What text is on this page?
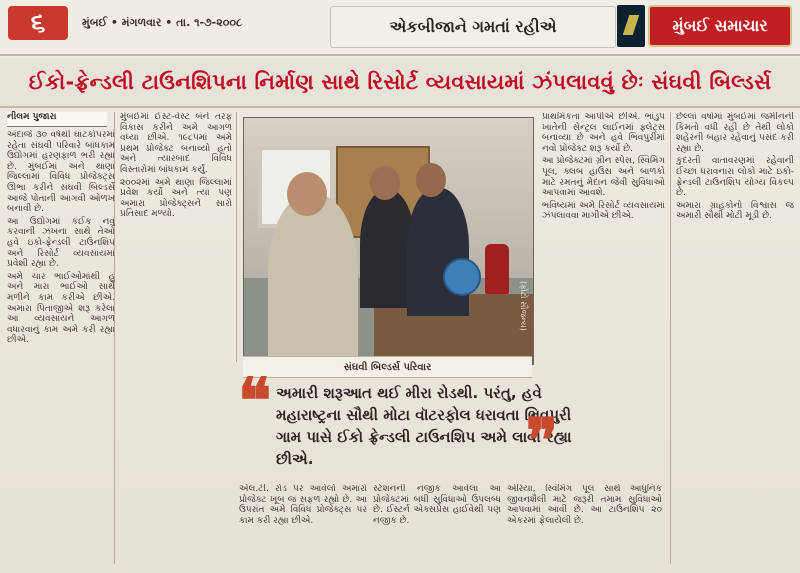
૬	મુંબઈ • મંગળવાર • તા. ૧-૭-૨૦૦૮	એકબીજાને ગમતાં રહીએ	મુંબઈ સમાચાર
ઈકો-ફ્રેન્ડલી ટાઉનશિપના નિર્માણ સાથે રિસોર્ટ વ્યવસાયમાં ઝંપલાવવું છેઃ સંઘવી બિલ્ડર્સ
નીલમ પુજારા

અંદાજે ૩૦ વર્ષથી ઘાટકોપરમાં રહેતા સંઘવી પરિવારે બાંધકામ ઉદ્યોગમાં હરણફાળ ભરી રહ્યા છે. મુંબઈમાં અને થાણા જિલ્લામાં વિવિધ પ્રોજેક્ટ્સ ઊભા કરીને સંઘવી બિલ્ડર્સે આજે પોતાની આગવી ઓળખ બનાવી છે.

આ ઉદ્યોગમાં કંઈક નવું કરવાની ઝંખના સાથે તેઓ હવે ઇકો-ફ્રેન્ડલી ટાઉનશિપ અને રિસોર્ટ વ્યવસાયમાં પ્રવેશી રહ્યા છે.

અમે ચાર ભાઈઓમાંથી હું અને મારા ભાઈઓ સાથે મળીને કામ કરીએ છીએ. અમારા પિતાજીએ શરૂ કરેલા આ વ્યવસાયને આગળ વધારવાનું કામ અમે કરી રહ્યા છીએ.

મુંબઈમાં ઈસ્ટ-વેસ્ટ બંને તરફ વિકાસ કરીને અમે આગળ વધ્યા છીએ. ૧૯૮૫માં અમે પ્રથમ પ્રોજેક્ટ બનાવ્યો હતો અને ત્યારબાદ વિવિધ વિસ્તારોમાં બાંધકામ કર્યું.

૨૦૦૨માં અમે થાણા જિલ્લામાં પ્રવેશ કર્યો અને ત્યાં પણ અમારા પ્રોજેક્ટ્સને સારો પ્રતિસાદ મળ્યો.

(ફોટો સૌજન્ય)
સંઘવી બિલ્ડર્સ પરિવાર
❝ અમારી શરૂઆત થઈ મીરા રોડથી. પરંતુ, હવે મહારાષ્ટ્રના સૌથી મોટા વૉટરફોલ ધરાવતા ભિવપુરી ગામ પાસે ઈકો ફ્રેન્ડલી ટાઉનશિપ અમે લાવી રહ્યા છીએ.	❞

પ્રાથમિકતા આપીએ છીએ. ભાંડુપ ખાતેની સેન્ટ્રલ લાઈનમાં ફ્લેટ્સ બનાવ્યા છે અને હવે ભિવપુરીમાં નવો પ્રોજેક્ટ શરૂ કર્યો છે.

આ પ્રોજેક્ટમાં ગ્રીન સ્પેસ, સ્વિમિંગ પૂલ, ક્લબ હાઉસ અને બાળકો માટે રમતનું મેદાન જેવી સુવિધાઓ આપવામાં આવશે.

ભવિષ્યમાં અમે રિસોર્ટ વ્યવસાયમાં ઝંપલાવવા માગીએ છીએ.

છેલ્લાં વર્ષોમાં મુંબઈમાં જમીનની કિંમતો વધી રહી છે તેથી લોકો શહેરની બહાર રહેવાનું પસંદ કરી રહ્યા છે.

કુદરતી વાતાવરણમાં રહેવાની ઈચ્છા ધરાવનારા લોકો માટે ઇકો-ફ્રેન્ડલી ટાઉનશિપ યોગ્ય વિકલ્પ છે.

અમારા ગ્રાહકોનો વિશ્વાસ જ અમારી સૌથી મોટી મૂડી છે.

એલ.ટી. રોડ પર આવેલો અમારો પ્રોજેક્ટ ખૂબ જ સફળ રહ્યો છે. આ ઉપરાંત અમે વિવિધ પ્રોજેક્ટ્સ પર કામ કરી રહ્યા છીએ.
સ્ટેશનની નજીક આવેલા આ પ્રોજેક્ટમાં બધી સુવિધાઓ ઉપલબ્ધ છે. ઈસ્ટર્ન એક્સપ્રેસ હાઈવેથી પણ નજીક છે.
એરિયા, સ્વિમિંગ પૂલ સાથે આધુનિક જીવનશૈલી માટે જરૂરી તમામ સુવિધાઓ આપવામાં આવી છે. આ ટાઉનશિપ ૨૦ એકરમાં ફેલાયેલી છે.
